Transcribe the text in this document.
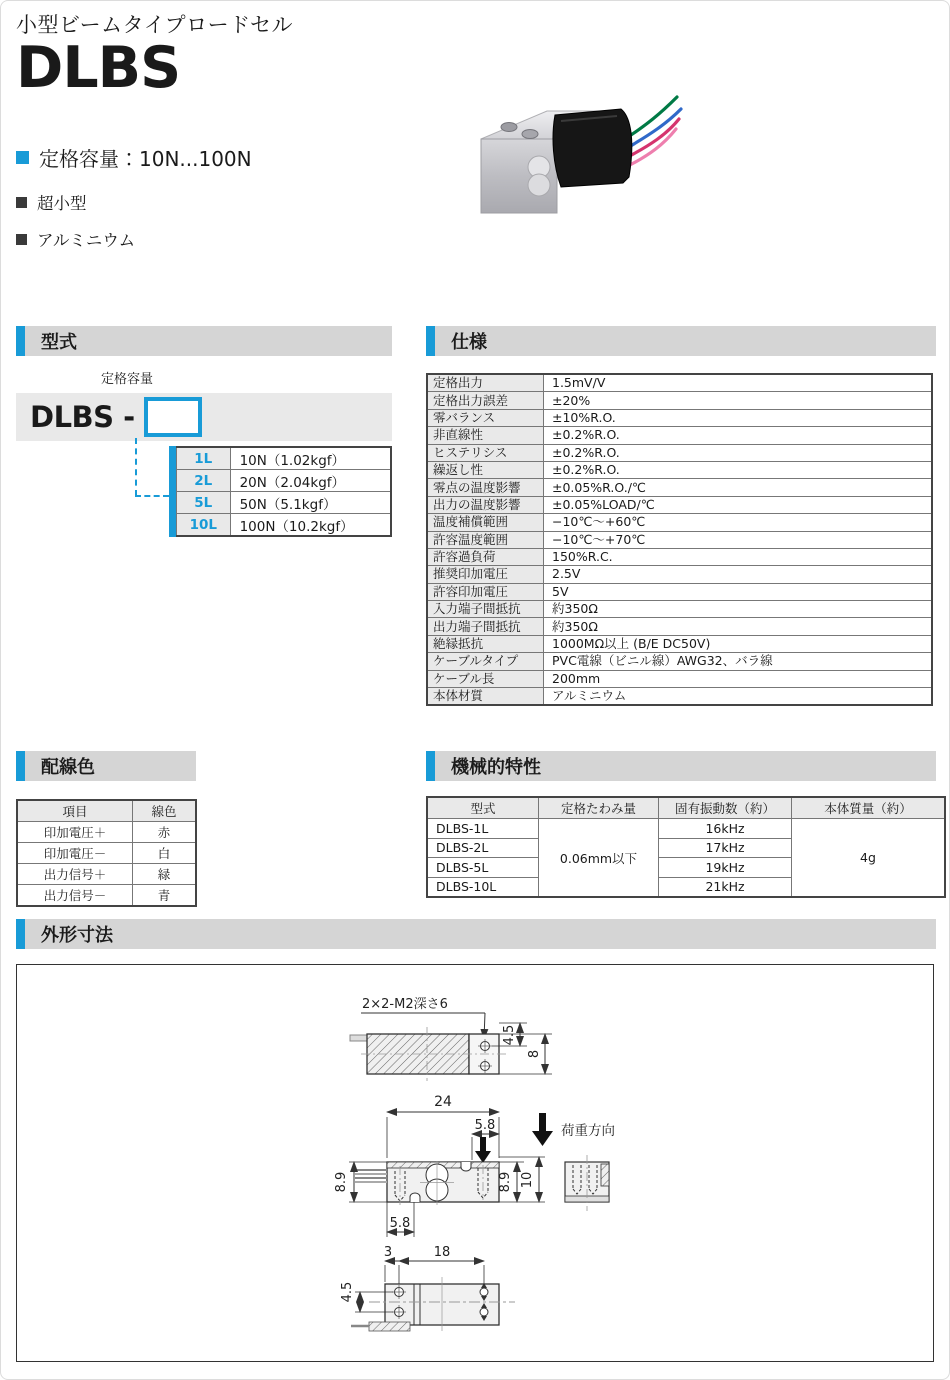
小型ビームタイプロードセル
DLBS
定格容量：10N...100N
超小型
アルミニウム
型式
定格容量
DLBS -
1L	10N（1.02kgf）
2L	20N（2.04kgf）
5L	50N（5.1kgf）
10L	100N（10.2kgf）
仕様
定格出力	1.5mV/V
定格出力誤差	±20%
零バランス	±10%R.O.
非直線性	±0.2%R.O.
ヒステリシス	±0.2%R.O.
繰返し性	±0.2%R.O.
零点の温度影響	±0.05%R.O./℃
出力の温度影響	±0.05%LOAD/℃
温度補償範囲	−10℃～+60℃
許容温度範囲	−10℃～+70℃
許容過負荷	150%R.C.
推奨印加電圧	2.5V
許容印加電圧	5V
入力端子間抵抗	約350Ω
出力端子間抵抗	約350Ω
絶縁抵抗	1000MΩ以上 (B/E DC50V)
ケーブルタイプ	PVC電線（ビニル線）AWG32、バラ線
ケーブル長	200mm
本体材質	アルミニウム
配線色
項目	線色
印加電圧＋	赤
印加電圧－	白
出力信号＋	緑
出力信号－	青
機械的特性
型式	定格たわみ量	固有振動数（約）	本体質量（約）
DLBS-1L	0.06mm以下	16kHz	4g
DLBS-2L		17kHz	
DLBS-5L		19kHz	
DLBS-10L		21kHz	
外形寸法
2×2-M2深さ6
4.5
8
24
5.8	荷重方向
8.9	8.9 10
5.8
3	18
4.5
